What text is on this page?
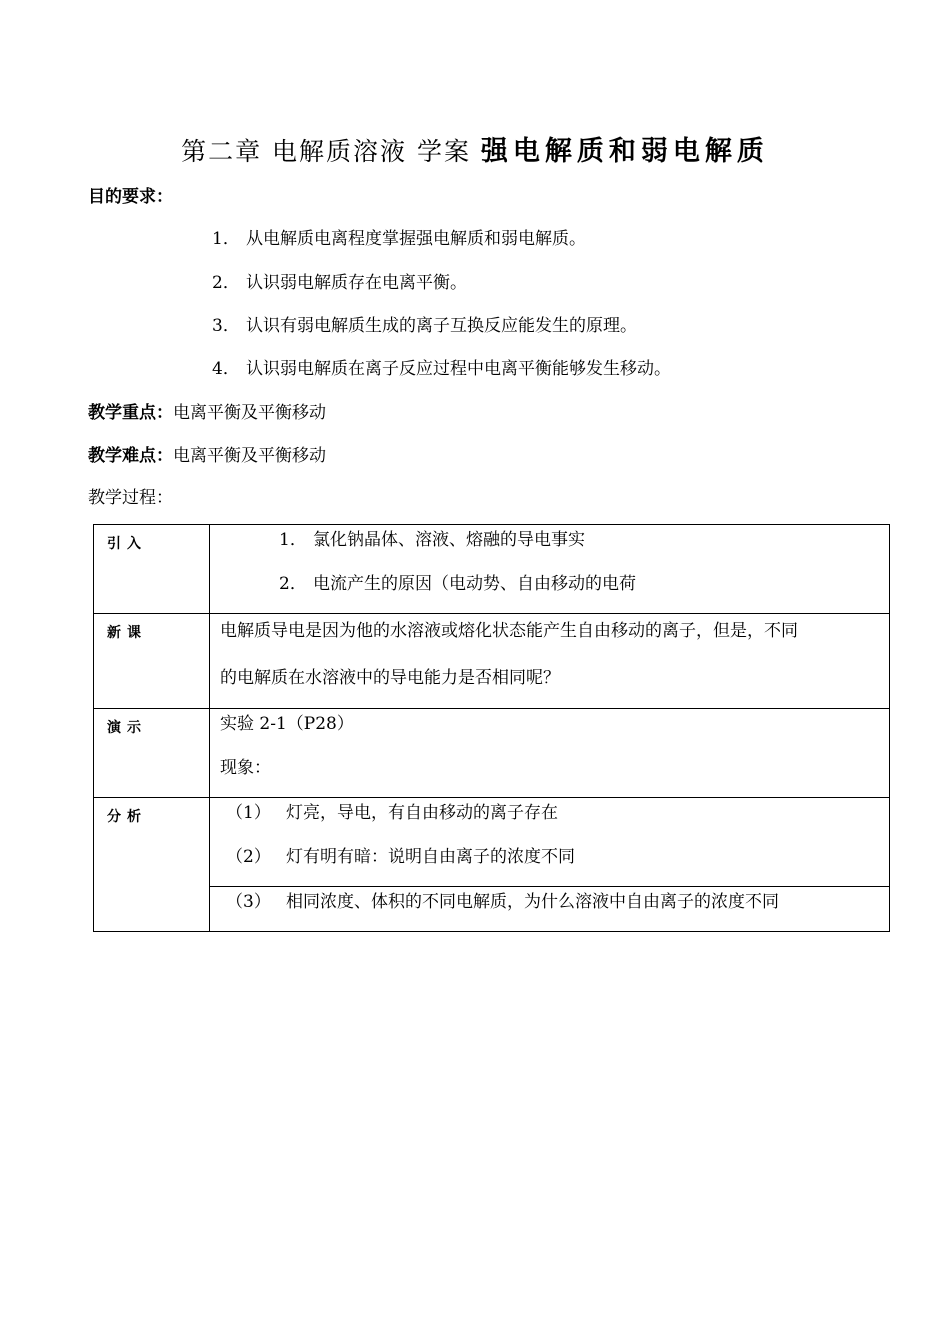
第二章 电解质溶液 学案 强电解质和弱电解质
目的要求：
1． 从电解质电离程度掌握强电解质和弱电解质。
2． 认识弱电解质存在电离平衡。
3． 认识有弱电解质生成的离子互换反应能发生的原理。
4． 认识弱电解质在离子反应过程中电离平衡能够发生移动。
教学重点：电离平衡及平衡移动
教学难点：电离平衡及平衡移动
教学过程：
引入	1． 氯化钠晶体、溶液、熔融的导电事实
2． 电流产生的原因（电动势、自由移动的电荷

新课	电解质导电是因为他的水溶液或熔化状态能产生自由移动的离子，但是，不同
的电解质在水溶液中的导电能力是否相同呢？

演示	实验 2-1（P28）
现象：

分析	（1） 灯亮，导电，有自由移动的离子存在
（2） 灯有明有暗：说明自由离子的浓度不同

	（3） 相同浓度、体积的不同电解质，为什么溶液中自由离子的浓度不同
